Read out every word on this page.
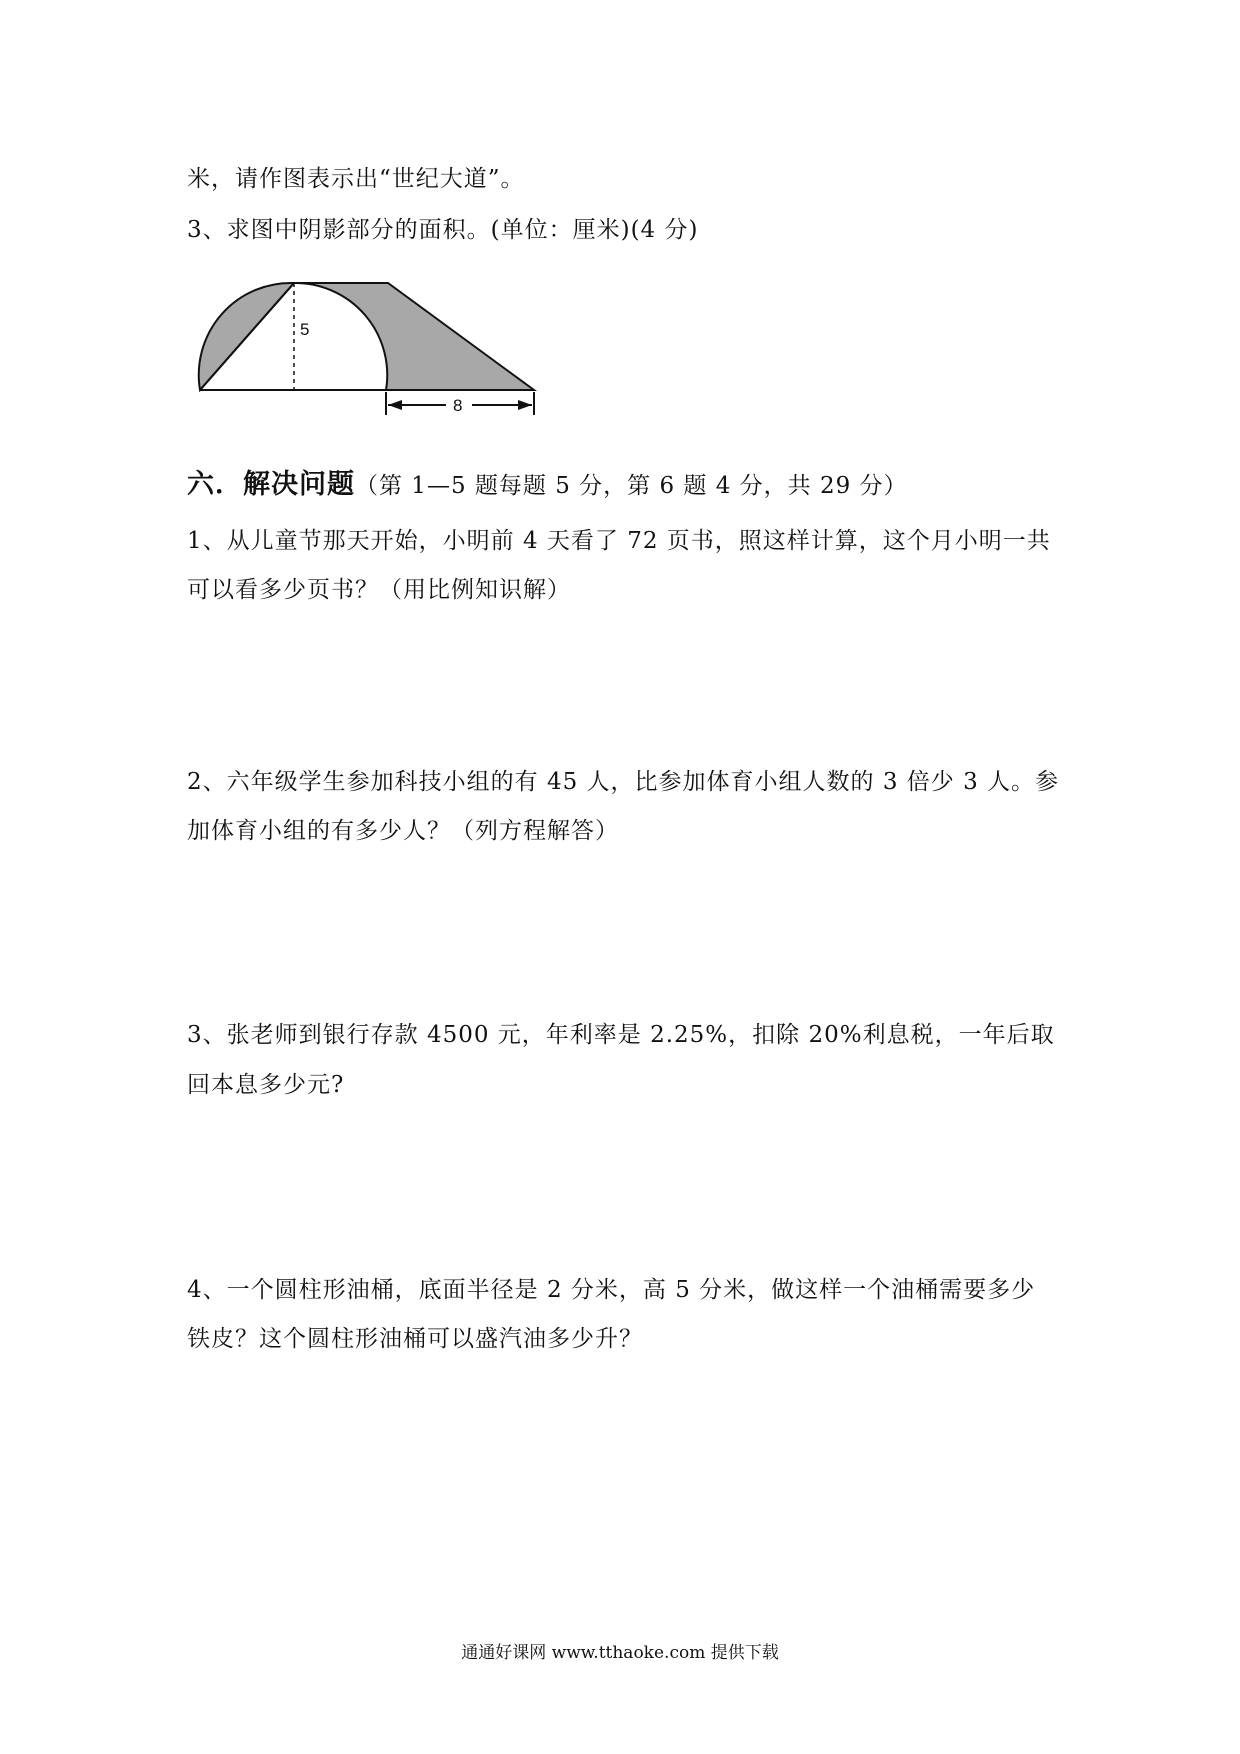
米，请作图表示出“世纪大道”。
3、求图中阴影部分的面积。(单位：厘米)(4 分)
5
8
六．解决问题（第 1—5 题每题 5 分，第 6 题 4 分，共 29 分）
1、从儿童节那天开始，小明前 4 天看了 72 页书，照这样计算，这个月小明一共
可以看多少页书？（用比例知识解）
2、六年级学生参加科技小组的有 45 人，比参加体育小组人数的 3 倍少 3 人。参
加体育小组的有多少人？（列方程解答）
3、张老师到银行存款 4500 元，年利率是 2.25%，扣除 20%利息税，一年后取
回本息多少元?
4、一个圆柱形油桶，底面半径是 2 分米，高 5 分米，做这样一个油桶需要多少
铁皮？这个圆柱形油桶可以盛汽油多少升？
通通好课网 www.tthaoke.com 提供下载
